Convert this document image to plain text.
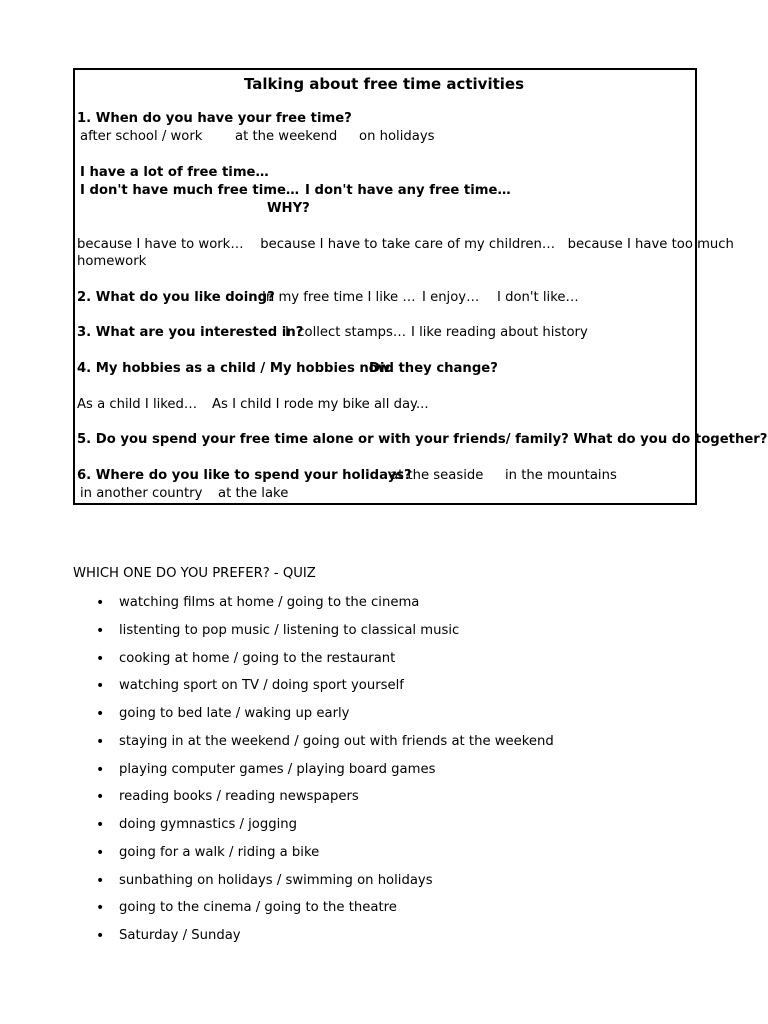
Talking about free time activities
1. When do you have your free time?
after school / work at the weekend on holidays
I have a lot of free time…
I don't have much free time… I don't have any free time…
WHY?
because I have to work…    because I have to take care of my children…   because I have too much
homework
2. What do you like doing?
In my free time I like … I enjoy… I don't like…
3. What are you interested in?
I  collect stamps… I like reading about history
4. My hobbies as a child / My hobbies now
Did they change?
As a child I liked… As I child I rode my bike all day...
5. Do you spend your free time alone or with your friends/ family? What do you do together?
6. Where do you like to spend your holidays?
at the seaside in the mountains
in another country at the lake
WHICH ONE DO YOU PREFER? - QUIZ
• watching films at home / going to the cinema
• listenting to pop music / listening to classical music
• cooking at home / going to the restaurant
• watching sport on TV / doing sport yourself
• going to bed late / waking up early
• staying in at the weekend / going out with friends at the weekend
• playing computer games / playing board games
• reading books / reading newspapers
• doing gymnastics / jogging
• going for a walk / riding a bike
• sunbathing on holidays / swimming on holidays
• going to the cinema / going to the theatre
• Saturday / Sunday
